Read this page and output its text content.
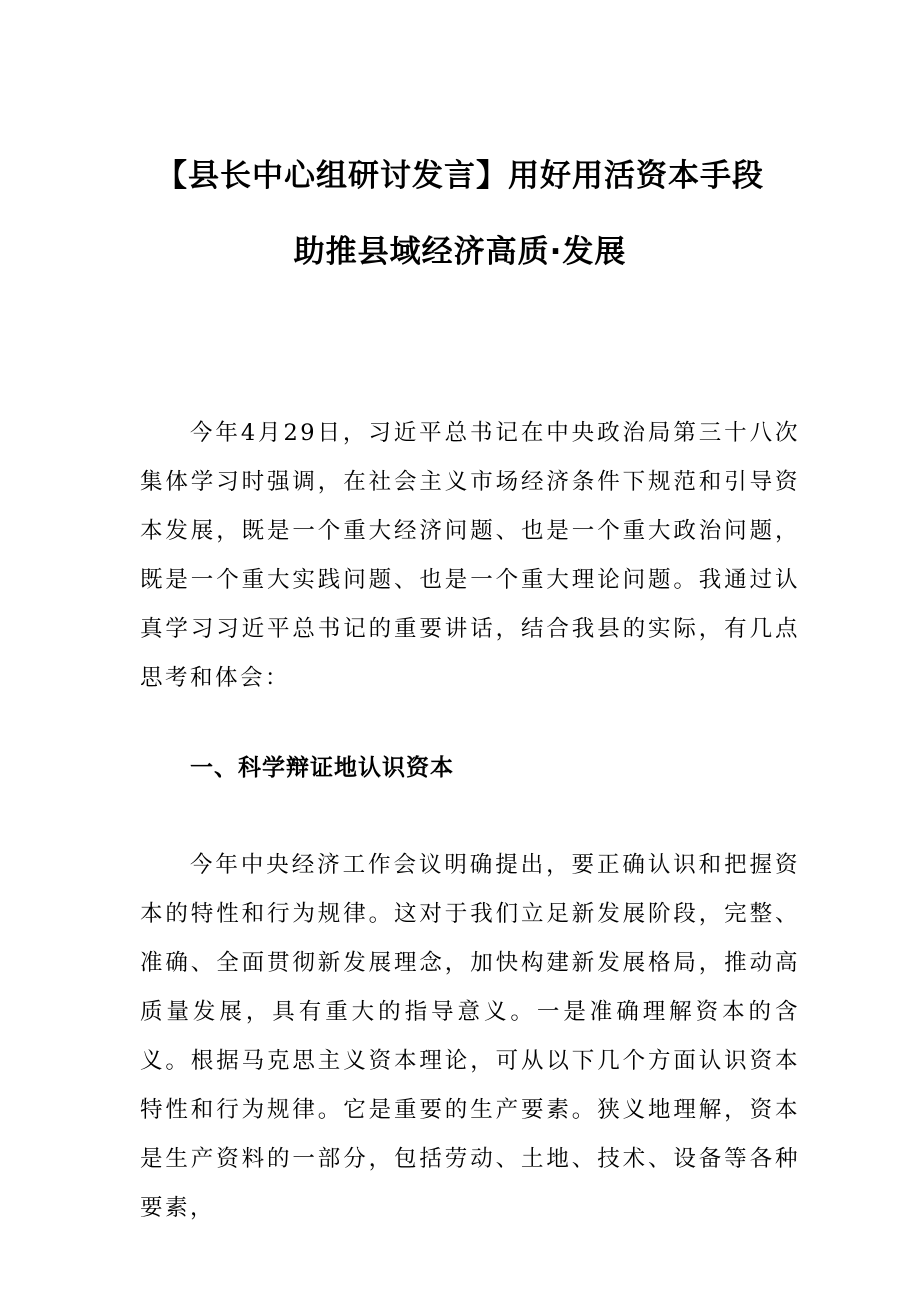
【县长中心组研讨发言】用好用活资本手段
助推县域经济高质·发展

今年4月29日，习近平总书记在中央政治局第三十八次集体学习时强调，在社会主义市场经济条件下规范和引导资本发展，既是一个重大经济问题、也是一个重大政治问题，既是一个重大实践问题、也是一个重大理论问题。我通过认真学习习近平总书记的重要讲话，结合我县的实际，有几点思考和体会：

一、科学辩证地认识资本

今年中央经济工作会议明确提出，要正确认识和把握资本的特性和行为规律。这对于我们立足新发展阶段，完整、准确、全面贯彻新发展理念，加快构建新发展格局，推动高质量发展，具有重大的指导意义。一是准确理解资本的含义。根据马克思主义资本理论，可从以下几个方面认识资本特性和行为规律。它是重要的生产要素。狭义地理解，资本是生产资料的一部分，包括劳动、土地、技术、设备等各种要素，
